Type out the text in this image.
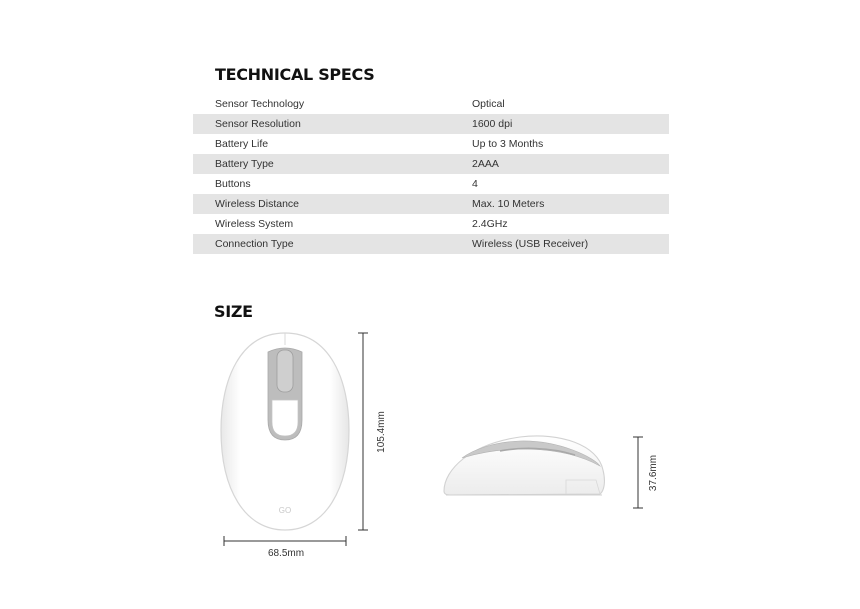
TECHNICAL SPECS
Sensor Technology	Optical
Sensor Resolution	1600 dpi
Battery Life	Up to 3 Months
Battery Type	2AAA
Buttons	4
Wireless Distance	Max. 10 Meters
Wireless System	2.4GHz
Connection Type	Wireless (USB Receiver)
SIZE
GO
105.4mm
68.5mm
37.6mm
